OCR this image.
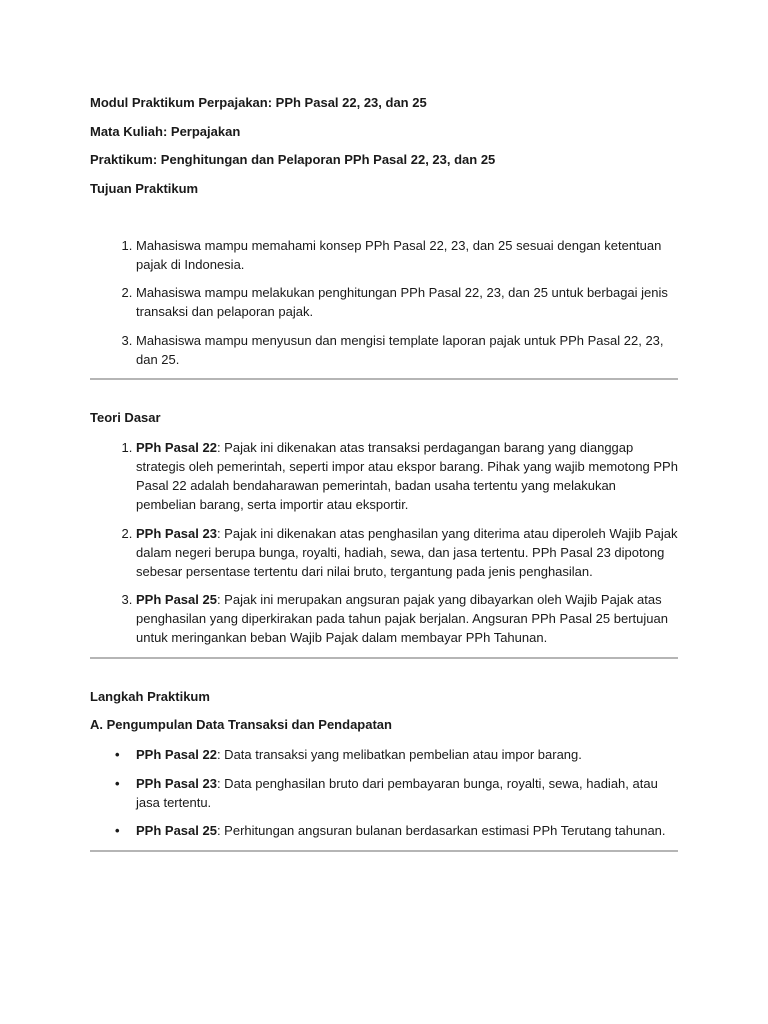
Modul Praktikum Perpajakan: PPh Pasal 22, 23, dan 25

Mata Kuliah: Perpajakan

Praktikum: Penghitungan dan Pelaporan PPh Pasal 22, 23, dan 25

Tujuan Praktikum

1. Mahasiswa mampu memahami konsep PPh Pasal 22, 23, dan 25 sesuai dengan ketentuan pajak di Indonesia.
2. Mahasiswa mampu melakukan penghitungan PPh Pasal 22, 23, dan 25 untuk berbagai jenis transaksi dan pelaporan pajak.
3. Mahasiswa mampu menyusun dan mengisi template laporan pajak untuk PPh Pasal 22, 23, dan 25.

Teori Dasar

1. PPh Pasal 22: Pajak ini dikenakan atas transaksi perdagangan barang yang dianggap strategis oleh pemerintah, seperti impor atau ekspor barang. Pihak yang wajib memotong PPh Pasal 22 adalah bendaharawan pemerintah, badan usaha tertentu yang melakukan pembelian barang, serta importir atau eksportir.
2. PPh Pasal 23: Pajak ini dikenakan atas penghasilan yang diterima atau diperoleh Wajib Pajak dalam negeri berupa bunga, royalti, hadiah, sewa, dan jasa tertentu. PPh Pasal 23 dipotong sebesar persentase tertentu dari nilai bruto, tergantung pada jenis penghasilan.
3. PPh Pasal 25: Pajak ini merupakan angsuran pajak yang dibayarkan oleh Wajib Pajak atas penghasilan yang diperkirakan pada tahun pajak berjalan. Angsuran PPh Pasal 25 bertujuan untuk meringankan beban Wajib Pajak dalam membayar PPh Tahunan.

Langkah Praktikum

A. Pengumpulan Data Transaksi dan Pendapatan

• PPh Pasal 22: Data transaksi yang melibatkan pembelian atau impor barang.
• PPh Pasal 23: Data penghasilan bruto dari pembayaran bunga, royalti, sewa, hadiah, atau jasa tertentu.
• PPh Pasal 25: Perhitungan angsuran bulanan berdasarkan estimasi PPh Terutang tahunan.
